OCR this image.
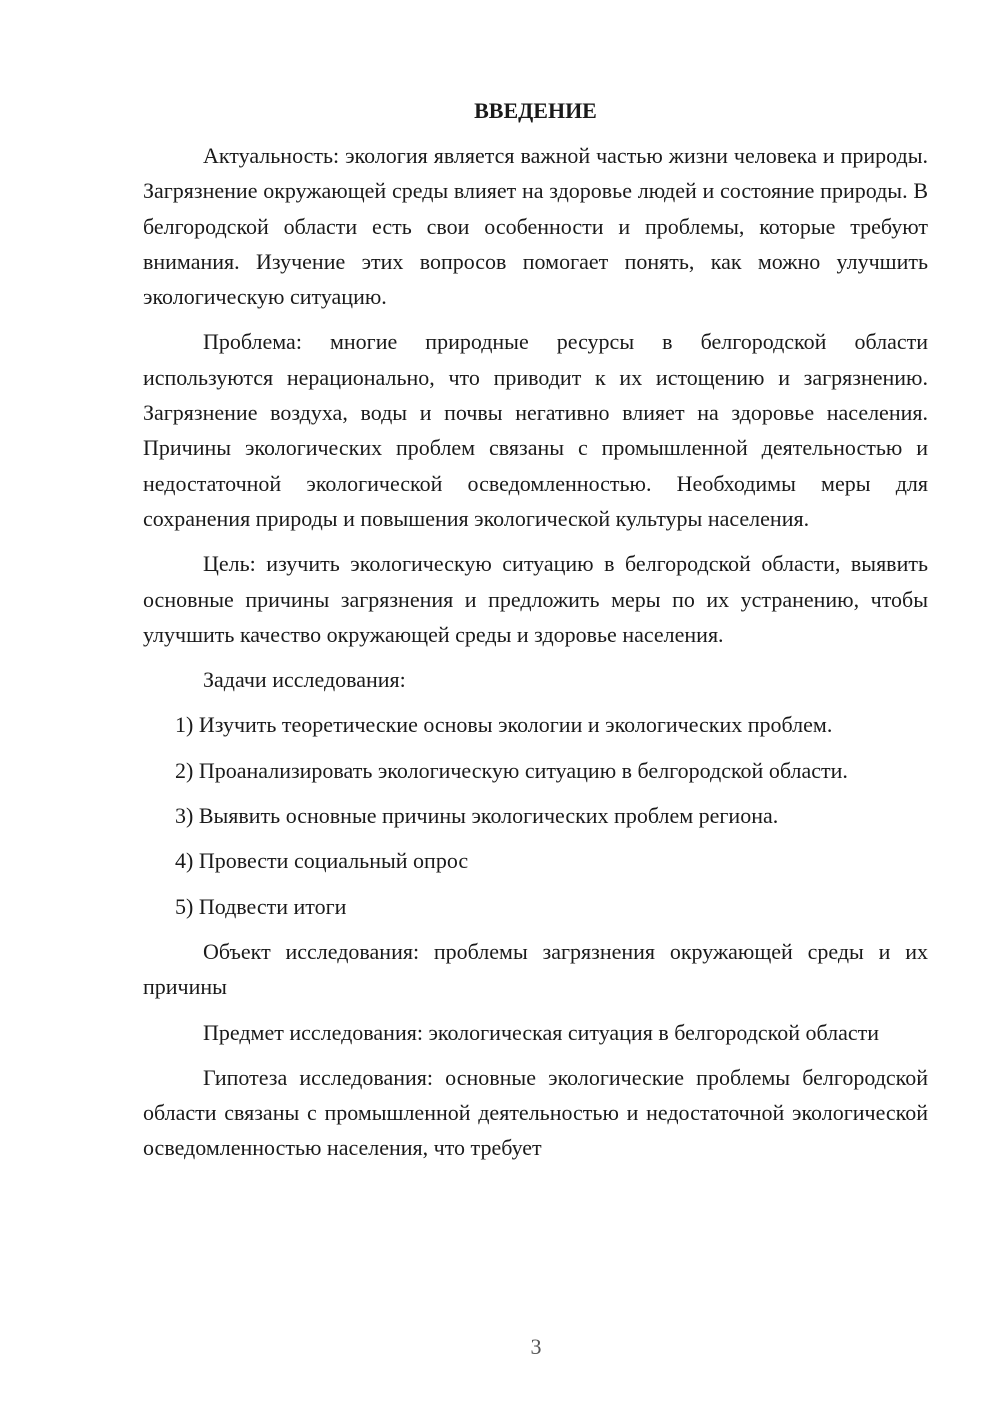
ВВЕДЕНИЕ

Актуальность: экология является важной частью жизни человека и природы. Загрязнение окружающей среды влияет на здоровье людей и состояние природы. В белгородской области есть свои особенности и проблемы, которые требуют внимания. Изучение этих вопросов помогает понять, как можно улучшить экологическую ситуацию.

Проблема: многие природные ресурсы в белгородской области используются нерационально, что приводит к их истощению и загрязнению. Загрязнение воздуха, воды и почвы негативно влияет на здоровье населения. Причины экологических проблем связаны с промышленной деятельностью и недостаточной экологической осведомленностью. Необходимы меры для сохранения природы и повышения экологической культуры населения.

Цель: изучить экологическую ситуацию в белгородской области, выявить основные причины загрязнения и предложить меры по их устранению, чтобы улучшить качество окружающей среды и здоровье населения.

Задачи исследования:

1) Изучить теоретические основы экологии и экологических проблем.

2) Проанализировать экологическую ситуацию в белгородской области.

3) Выявить основные причины экологических проблем региона.

4) Провести социальный опрос

5) Подвести итоги

Объект исследования: проблемы загрязнения окружающей среды и их причины

Предмет исследования: экологическая ситуация в белгородской области

Гипотеза исследования: основные экологические проблемы белгородской области связаны с промышленной деятельностью и недостаточной экологической осведомленностью населения, что требует

3
